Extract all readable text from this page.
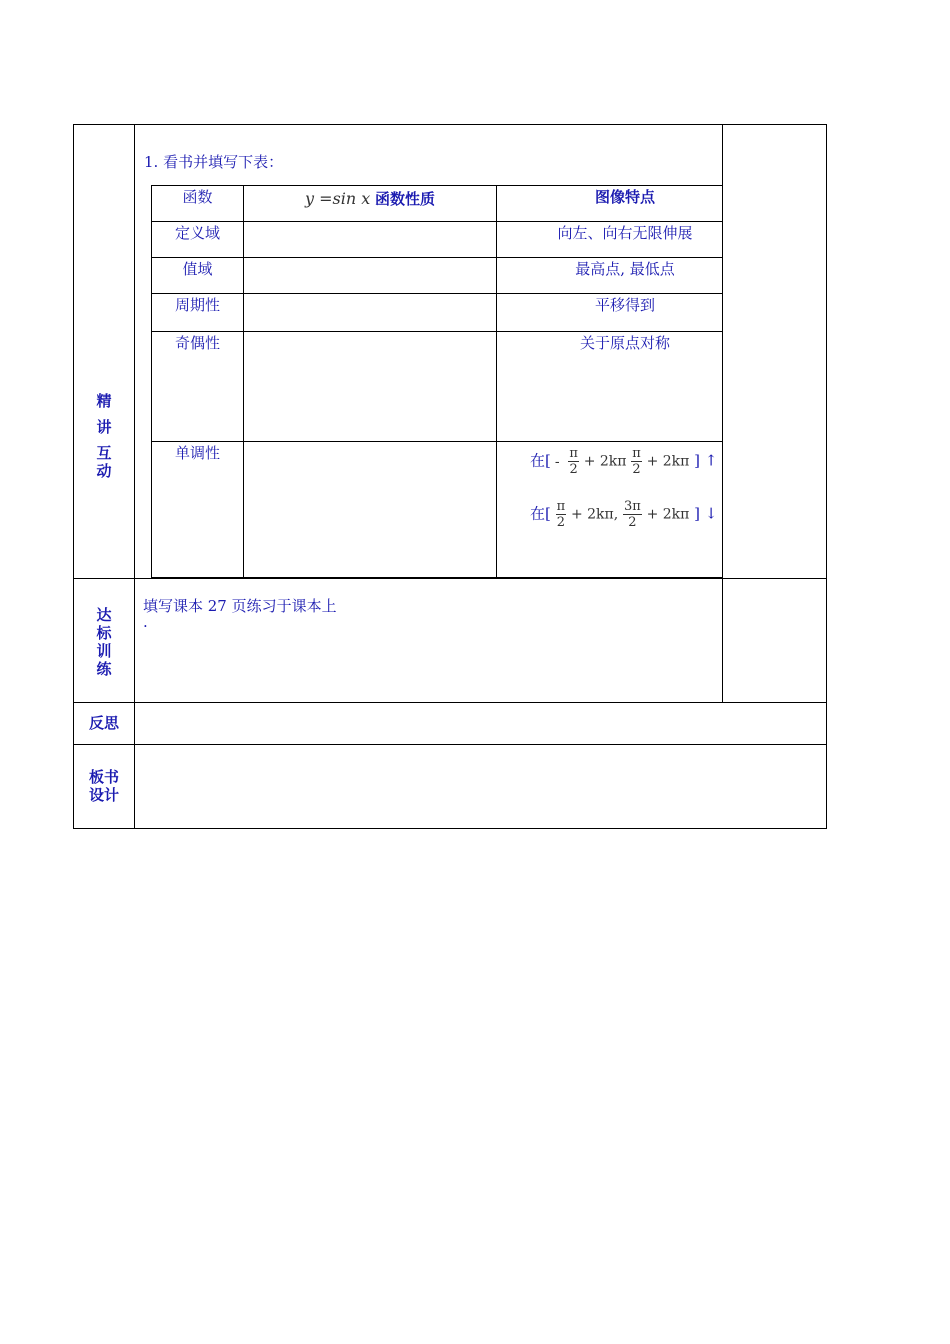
精
讲
互
动
达
标
训
练
反思
板书
设计
1. 看书并填写下表：
函数	y =sin x 函数性质	图像特点
定义域
值域
周期性
奇偶性
单调性
向左、向右无限伸展
最高点, 最低点
平移得到
关于原点对称
在[ - $\frac{\pi}{2} + 2k\pi \frac{\pi}{2} + 2k\pi$ ] ↑
在[ $\frac{\pi}{2} + 2k\pi$, $\frac{3\pi}{2} + 2k\pi$ ] ↓
填写课本 27 页练习于课本上
.
